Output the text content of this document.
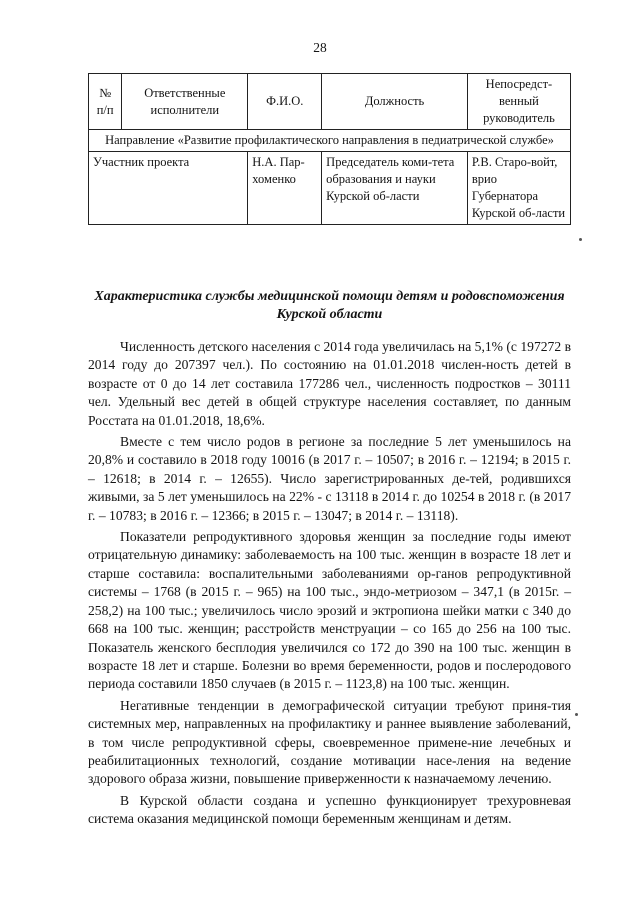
28
№ п/п	Ответственные исполнители	Ф.И.О.	Должность	Непосредст-венный руководитель
Направление «Развитие профилактического направления в педиатрической службе»				
Участник проекта		Н.А. Пар-хоменко	Председатель коми-тета образования и науки Курской об-ласти	Р.В. Старо-войт, врио Губернатора Курской об-ласти
Характеристика службы медицинской помощи детям и родовспоможения Курской области

Численность детского населения с 2014 года увеличилась на 5,1% (с 197272 в 2014 году до 207397 чел.). По состоянию на 01.01.2018 числен-ность детей в возрасте от 0 до 14 лет составила 177286 чел., численность подростков – 30111 чел. Удельный вес детей в общей структуре населения составляет, по данным Росстата на 01.01.2018, 18,6%.

Вместе с тем число родов в регионе за последние 5 лет уменьшилось на 20,8% и составило в 2018 году 10016 (в 2017 г. – 10507; в 2016 г. – 12194; в 2015 г. – 12618; в 2014 г. – 12655). Число зарегистрированных де-тей, родившихся живыми, за 5 лет уменьшилось на 22% - с 13118 в 2014 г. до 10254 в 2018 г. (в 2017 г. – 10783; в 2016 г. – 12366; в 2015 г. – 13047; в 2014 г. – 13118).

Показатели репродуктивного здоровья женщин за последние годы имеют отрицательную динамику: заболеваемость на 100 тыс. женщин в возрасте 18 лет и старше составила: воспалительными заболеваниями ор-ганов репродуктивной системы – 1768 (в 2015 г. – 965) на 100 тыс., эндо-метриозом – 347,1 (в 2015г. – 258,2) на 100 тыс.; увеличилось число эрозий и эктропиона шейки матки с 340 до 668 на 100 тыс. женщин; расстройств менструации – со 165 до 256 на 100 тыс. Показатель женского бесплодия увеличился со 172 до 390 на 100 тыс. женщин в возрасте 18 лет и старше. Болезни во время беременности, родов и послеродового периода составили 1850 случаев (в 2015 г. – 1123,8) на 100 тыс. женщин.

Негативные тенденции в демографической ситуации требуют приня-тия системных мер, направленных на профилактику и раннее выявление заболеваний, в том числе репродуктивной сферы, своевременное примене-ние лечебных и реабилитационных технологий, создание мотивации насе-ления на ведение здорового образа жизни, повышение приверженности к назначаемому лечению.

В Курской области создана и успешно функционирует трехуровневая система оказания медицинской помощи беременным женщинам и детям.
